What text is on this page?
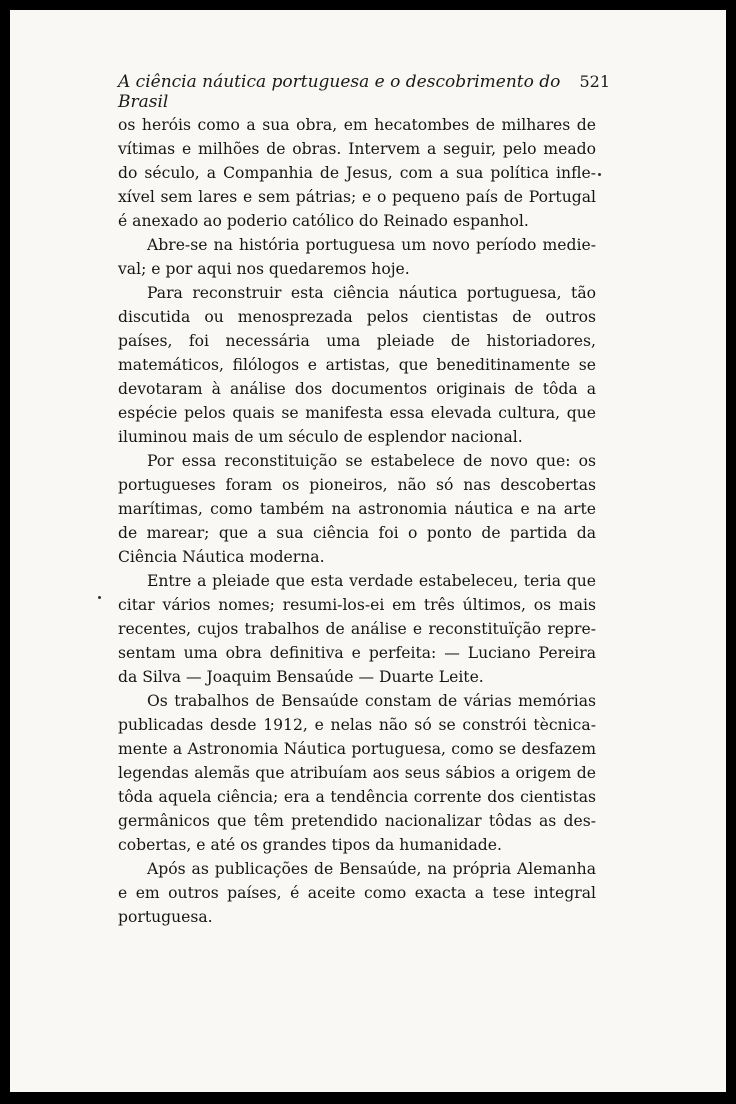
A ciência náutica portuguesa e o descobrimento do Brasil
521

os heróis como a sua obra, em hecatombes de milhares de vítimas e milhões de obras. Intervem a seguir, pelo meado do século, a Companhia de Jesus, com a sua política inflexível sem lares e sem pátrias; e o pequeno país de Portugal é anexado ao poderio católico do Reinado espanhol.

Abre-se na história portuguesa um novo período medieval; e por aqui nos quedaremos hoje.

Para reconstruir esta ciência náutica portuguesa, tão discutida ou menosprezada pelos cientistas de outros países, foi necessária uma pleiade de historiadores, matemáticos, filólogos e artistas, que beneditinamente se devotaram à análise dos documentos originais de tôda a espécie pelos quais se manifesta essa elevada cultura, que iluminou mais de um século de esplendor nacional.

Por essa reconstituição se estabelece de novo que: os portugueses foram os pioneiros, não só nas descobertas marítimas, como também na astronomia náutica e na arte de marear; que a sua ciência foi o ponto de partida da Ciência Náutica moderna.

Entre a pleiade que esta verdade estabeleceu, teria que citar vários nomes; resumi-los-ei em três últimos, os mais recentes, cujos trabalhos de análise e reconstituïção representam uma obra definitiva e perfeita: — Luciano Pereira da Silva — Joaquim Bensaúde — Duarte Leite.

Os trabalhos de Bensaúde constam de várias memórias publicadas desde 1912, e nelas não só se constrói tècnicamente a Astronomia Náutica portuguesa, como se desfazem legendas alemãs que atribuíam aos seus sábios a origem de tôda aquela ciência; era a tendência corrente dos cientistas germânicos que têm pretendido nacionalizar tôdas as descobertas, e até os grandes tipos da humanidade.

Após as publicações de Bensaúde, na própria Alemanha e em outros países, é aceite como exacta a tese integral portuguesa.
